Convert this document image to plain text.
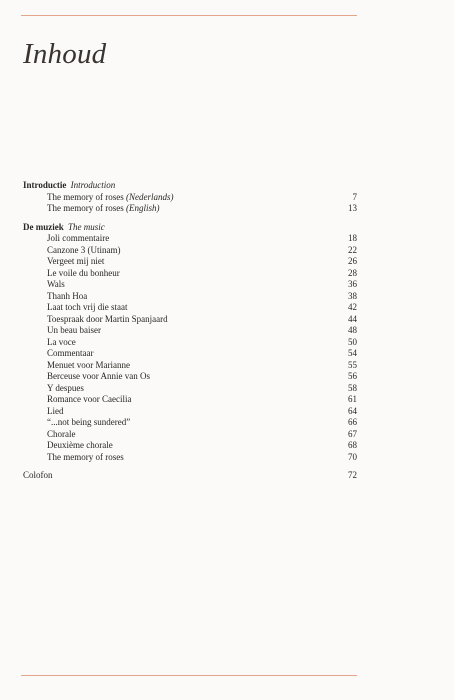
Inhoud
Introductie Introduction
The memory of roses (Nederlands)	7
The memory of roses (English)	13
De muziek The music
Joli commentaire	18
Canzone 3 (Utinam)	22
Vergeet mij niet	26
Le voile du bonheur	28
Wals	36
Thanh Hoa	38
Laat toch vrij die staat	42
Toespraak door Martin Spanjaard	44
Un beau baiser	48
La voce	50
Commentaar	54
Menuet voor Marianne	55
Berceuse voor Annie van Os	56
Y despues	58
Romance voor Caecilia	61
Lied	64
“...not being sundered”	66
Chorale	67
Deuxième chorale	68
The memory of roses	70
Colofon	72
